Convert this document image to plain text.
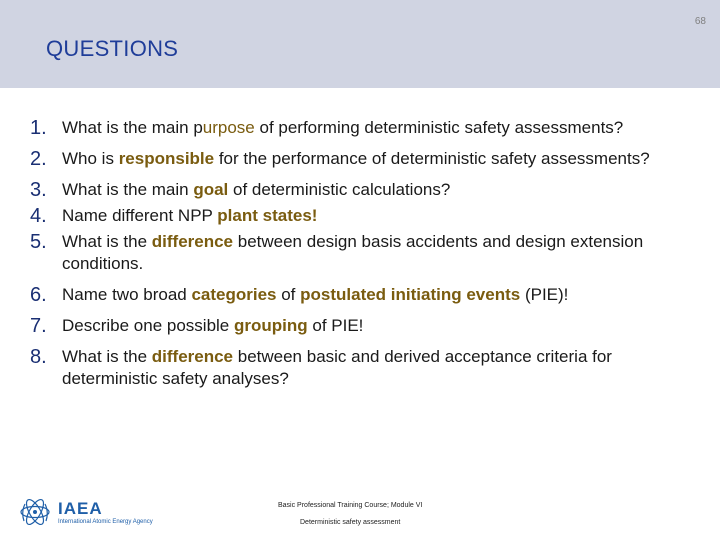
68
QUESTIONS
1. What is the main purpose of performing deterministic safety assessments?
2. Who is responsible for the performance of deterministic safety assessments?
3. What is the main goal of deterministic calculations?
4. Name different NPP plant states!
5. What is the difference between design basis accidents and design extension conditions.
6. Name two broad categories of postulated initiating events (PIE)!
7. Describe one possible grouping of PIE!
8. What is the difference between basic and derived acceptance criteria for deterministic safety analyses?
IAEA
International Atomic Energy Agency
Basic Professional Training Course; Module VI
Deterministic safety assessment
